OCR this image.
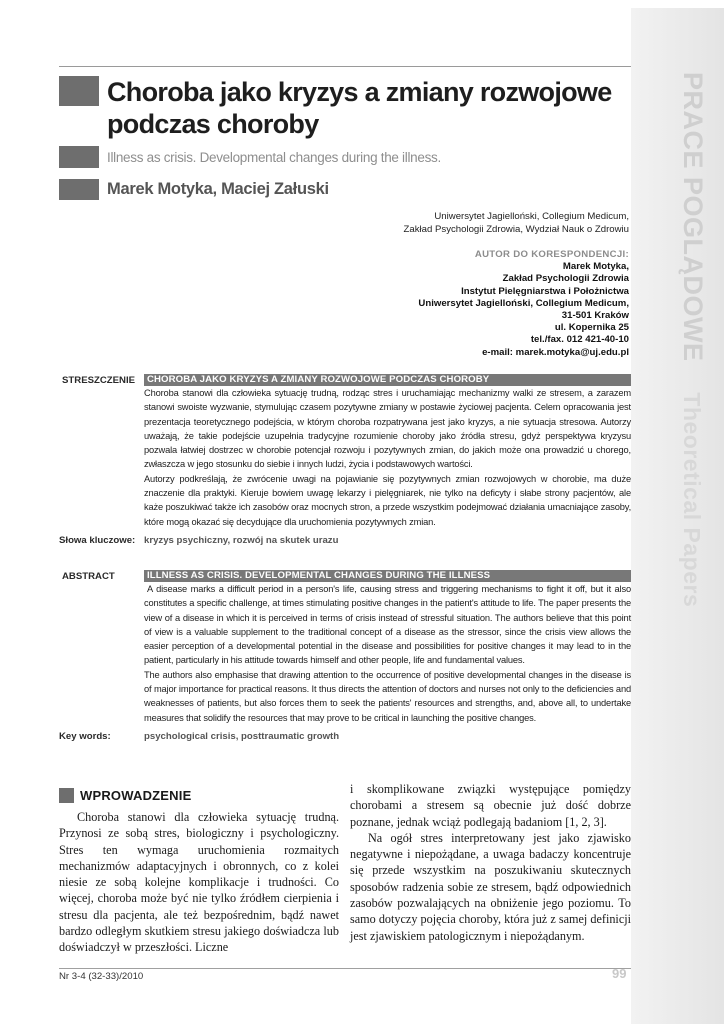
PRACE POGLĄDOWE  Theoretical Papers
Choroba jako kryzys a zmiany rozwojowe
podczas choroby
Illness as crisis. Developmental changes during the illness.
Marek Motyka, Maciej Załuski
Uniwersytet Jagielloński, Collegium Medicum,
Zakład Psychologii Zdrowia, Wydział Nauk o Zdrowiu
AUTOR DO KORESPONDENCJI:
Marek Motyka,
Zakład Psychologii Zdrowia
Instytut Pielęgniarstwa i Położnictwa
Uniwersytet Jagielloński, Collegium Medicum,
31-501 Kraków
ul. Kopernika 25
tel./fax. 012 421-40-10
e-mail: marek.motyka@uj.edu.pl
STRESZCZENIE	CHOROBA JAKO KRYZYS A ZMIANY ROZWOJOWE PODCZAS CHOROBY

Choroba stanowi dla człowieka sytuację trudną, rodząc stres i uruchamiając mechanizmy walki ze stresem, a zarazem stanowi swoiste wyzwanie, stymulując czasem pozytywne zmiany w postawie życiowej pacjenta. Celem opracowania jest prezentacja teoretycznego podejścia, w którym choroba rozpatrywana jest jako kryzys, a nie sytuacja stresowa. Autorzy uważają, że takie podejście uzupełnia tradycyjne rozumienie choroby jako źródła stresu, gdyż perspektywa kryzysu pozwala łatwiej dostrzec w chorobie potencjał rozwoju i pozytywnych zmian, do jakich może ona prowadzić u chorego, zwłaszcza w jego stosunku do siebie i innych ludzi, życia i podstawowych wartości.

Autorzy podkreślają, że zwrócenie uwagi na pojawianie się pozytywnych zmian rozwojowych w chorobie, ma duże znaczenie dla praktyki. Kieruje bowiem uwagę lekarzy i pielęgniarek, nie tylko na deficyty i słabe strony pacjentów, ale każe poszukiwać także ich zasobów oraz mocnych stron, a przede wszystkim podejmować działania umacniające zasoby, które mogą okazać się decydujące dla uruchomienia pozytywnych zmian.

Słowa kluczowe: kryzys psychiczny, rozwój na skutek urazu
ABSTRACT	ILLNESS AS CRISIS. DEVELOPMENTAL CHANGES DURING THE ILLNESS

A disease marks a difficult period in a person's life, causing stress and triggering mechanisms to fight it off, but it also constitutes a specific challenge, at times stimulating positive changes in the patient's attitude to life. The paper presents the view of a disease in which it is perceived in terms of crisis instead of stressful situation. The authors believe that this point of view is a valuable supplement to the traditional concept of a disease as the stressor, since the crisis view allows the easier perception of a developmental potential in the disease and possibilities for positive changes it may lead to in the patient, particularly in his attitude towards himself and other people, life and fundamental values.

The authors also emphasise that drawing attention to the occurrence of positive developmental changes in the disease is of major importance for practical reasons. It thus directs the attention of doctors and nurses not only to the deficiencies and weaknesses of patients, but also forces them to seek the patients' resources and strengths, and, above all, to undertake measures that solidify the resources that may prove to be critical in launching the positive changes.

Key words:	psychological crisis, posttraumatic growth
WPROWADZENIE

Choroba stanowi dla człowieka sytuację trudną. Przynosi ze sobą stres, biologiczny i psychologiczny. Stres ten wymaga uruchomienia rozmaitych mechanizmów adaptacyjnych i obronnych, co z kolei niesie ze sobą kolejne komplikacje i trudności. Co więcej, choroba może być nie tylko źródłem cierpienia i stresu dla pacjenta, ale też bezpośrednim, bądź nawet bardzo odległym skutkiem stresu jakiego doświadcza lub doświadczył w przeszłości. Liczne

i skomplikowane związki występujące pomiędzy chorobami a stresem są obecnie już dość dobrze poznane, jednak wciąż podlegają badaniom [1, 2, 3].

Na ogół stres interpretowany jest jako zjawisko negatywne i niepożądane, a uwaga badaczy koncentruje się przede wszystkim na poszukiwaniu skutecznych sposobów radzenia sobie ze stresem, bądź odpowiednich zasobów pozwalających na obniżenie jego poziomu. To samo dotyczy pojęcia choroby, która już z samej definicji jest zjawiskiem patologicznym i niepożądanym.

Nr 3-4 (32-33)/2010	99
